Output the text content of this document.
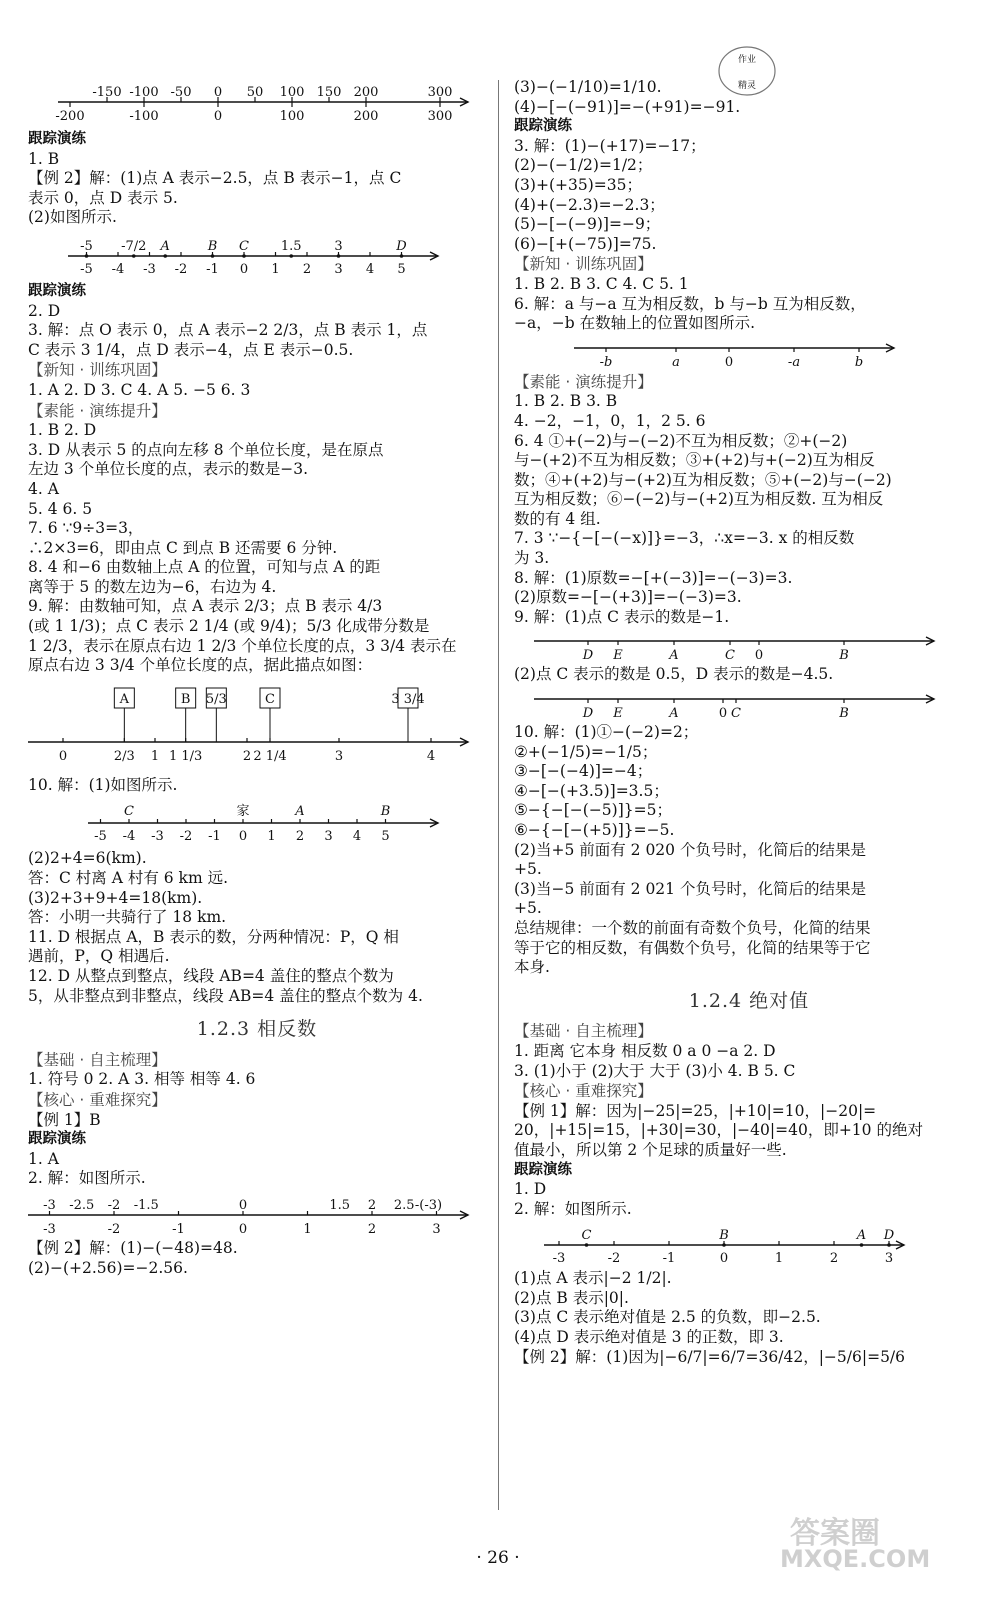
作业
精灵
-150 -100 -50 0 50 100 150 200	300
-200	-100	0	100	200	300

跟踪演练

1. B

【例 2】解：(1)点 A 表示−2.5，点 B 表示−1，点 C

表示 0，点 D 表示 5.

(2)如图所示.

-5 -7/2 A	B C 1.5	3	D
-5 -4 -3 -2 -1 0 1 2 3 4 5

跟踪演练

2. D

3. 解：点 O 表示 0，点 A 表示−2 2/3，点 B 表示 1，点

C 表示 3 1/4，点 D 表示−4，点 E 表示−0.5.

【新知 · 训练巩固】

1. A 2. D 3. C 4. A 5. −5 6. 3

【素能 · 演练提升】

1. B 2. D

3. D 从表示 5 的点向左移 8 个单位长度，是在原点

左边 3 个单位长度的点，表示的数是−3.

4. A

5. 4 6. 5

7. 6 ∵9÷3=3，

∴2×3=6，即由点 C 到点 B 还需要 6 分钟.

8. 4 和−6 由数轴上点 A 的位置，可知与点 A 的距

离等于 5 的数左边为−6，右边为 4.

9. 解：由数轴可知，点 A 表示 2/3；点 B 表示 4/3

(或 1 1/3)；点 C 表示 2 1/4 (或 9/4)；5/3 化成带分数是

1 2/3，表示在原点右边 1 2/3 个单位长度的点，3 3/4 表示在

原点右边 3 3/4 个单位长度的点，据此描点如图：

A	B 5/3	C	3 3/4
0	2/3 1 1 1/3	2 2 1/4	3	4

10. 解：(1)如图所示.

C	家	A	B
-5 -4 -3 -2 -1 0 1 2 3 4 5

(2)2+4=6(km).

答：C 村离 A 村有 6 km 远.

(3)2+3+9+4=18(km).

答：小明一共骑行了 18 km.

11. D 根据点 A，B 表示的数，分两种情况：P，Q 相

遇前，P，Q 相遇后.

12. D 从整点到整点，线段 AB=4 盖住的整点个数为

5，从非整点到非整点，线段 AB=4 盖住的整点个数为 4.

1.2.3 相反数

【基础 · 自主梳理】

1. 符号 0 2. A 3. 相等 相等 4. 6

【核心 · 重难探究】

【例 1】B

跟踪演练

1. A

2. 解：如图所示.

-3 -2.5 -2 -1.5	0	1.5 2 2.5 -(-3)
-3	-2	-1	0	1	2	3

【例 2】解：(1)−(−48)=48.

(2)−(+2.56)=−2.56.

(3)−(−1/10)=1/10.

(4)−[−(−91)]=−(+91)=−91.

跟踪演练

3. 解：(1)−(+17)=−17；

(2)−(−1/2)=1/2；

(3)+(+35)=35；

(4)+(−2.3)=−2.3；

(5)−[−(−9)]=−9；

(6)−[+(−75)]=75.

【新知 · 训练巩固】

1. B 2. B 3. C 4. C 5. 1

6. 解：a 与−a 互为相反数，b 与−b 互为相反数，

−a，−b 在数轴上的位置如图所示.

-b	a	0	-a	b

【素能 · 演练提升】

1. B 2. B 3. B

4. −2，−1，0，1，2 5. 6

6. 4 ①+(−2)与−(−2)不互为相反数；②+(−2)

与−(+2)不互为相反数；③+(+2)与+(−2)互为相反

数；④+(+2)与−(+2)互为相反数；⑤+(−2)与−(−2)

互为相反数；⑥−(−2)与−(+2)互为相反数. 互为相反

数的有 4 组.

7. 3 ∵−{−[−(−x)]}=−3，∴x=−3. x 的相反数

为 3.

8. 解：(1)原数=−[+(−3)]=−(−3)=3.

(2)原数=−[−(+3)]=−(−3)=3.

9. 解：(1)点 C 表示的数是−1.

D E	A	C 0	B

(2)点 C 表示的数是 0.5，D 表示的数是−4.5.

D E	A	0 C	B

10. 解：(1)①−(−2)=2；

②+(−1/5)=−1/5；

③−[−(−4)]=−4；

④−[−(+3.5)]=3.5；

⑤−{−[−(−5)]}=5；

⑥−{−[−(+5)]}=−5.

(2)当+5 前面有 2 020 个负号时，化简后的结果是

+5.

(3)当−5 前面有 2 021 个负号时，化简后的结果是

+5.

总结规律：一个数的前面有奇数个负号，化简的结果

等于它的相反数，有偶数个负号，化简的结果等于它

本身.

1.2.4 绝对值

【基础 · 自主梳理】

1. 距离 它本身 相反数 0 a 0 −a 2. D

3. (1)小于 (2)大于 大于 (3)小 4. B 5. C

【核心 · 重难探究】

【例 1】解：因为|−25|=25，|+10|=10，|−20|=

20，|+15|=15，|+30|=30，|−40|=40，即+10 的绝对

值最小，所以第 2 个足球的质量好一些.

跟踪演练

1. D

2. 解：如图所示.

C	B	A D
-3	-2	-1	0	1	2	3

(1)点 A 表示|−2 1/2|.

(2)点 B 表示|0|.

(3)点 C 表示绝对值是 2.5 的负数，即−2.5.

(4)点 D 表示绝对值是 3 的正数，即 3.

【例 2】解：(1)因为|−6/7|=6/7=36/42，|−5/6|=5/6

· 26 ·
答案圈
MXQE.COM
